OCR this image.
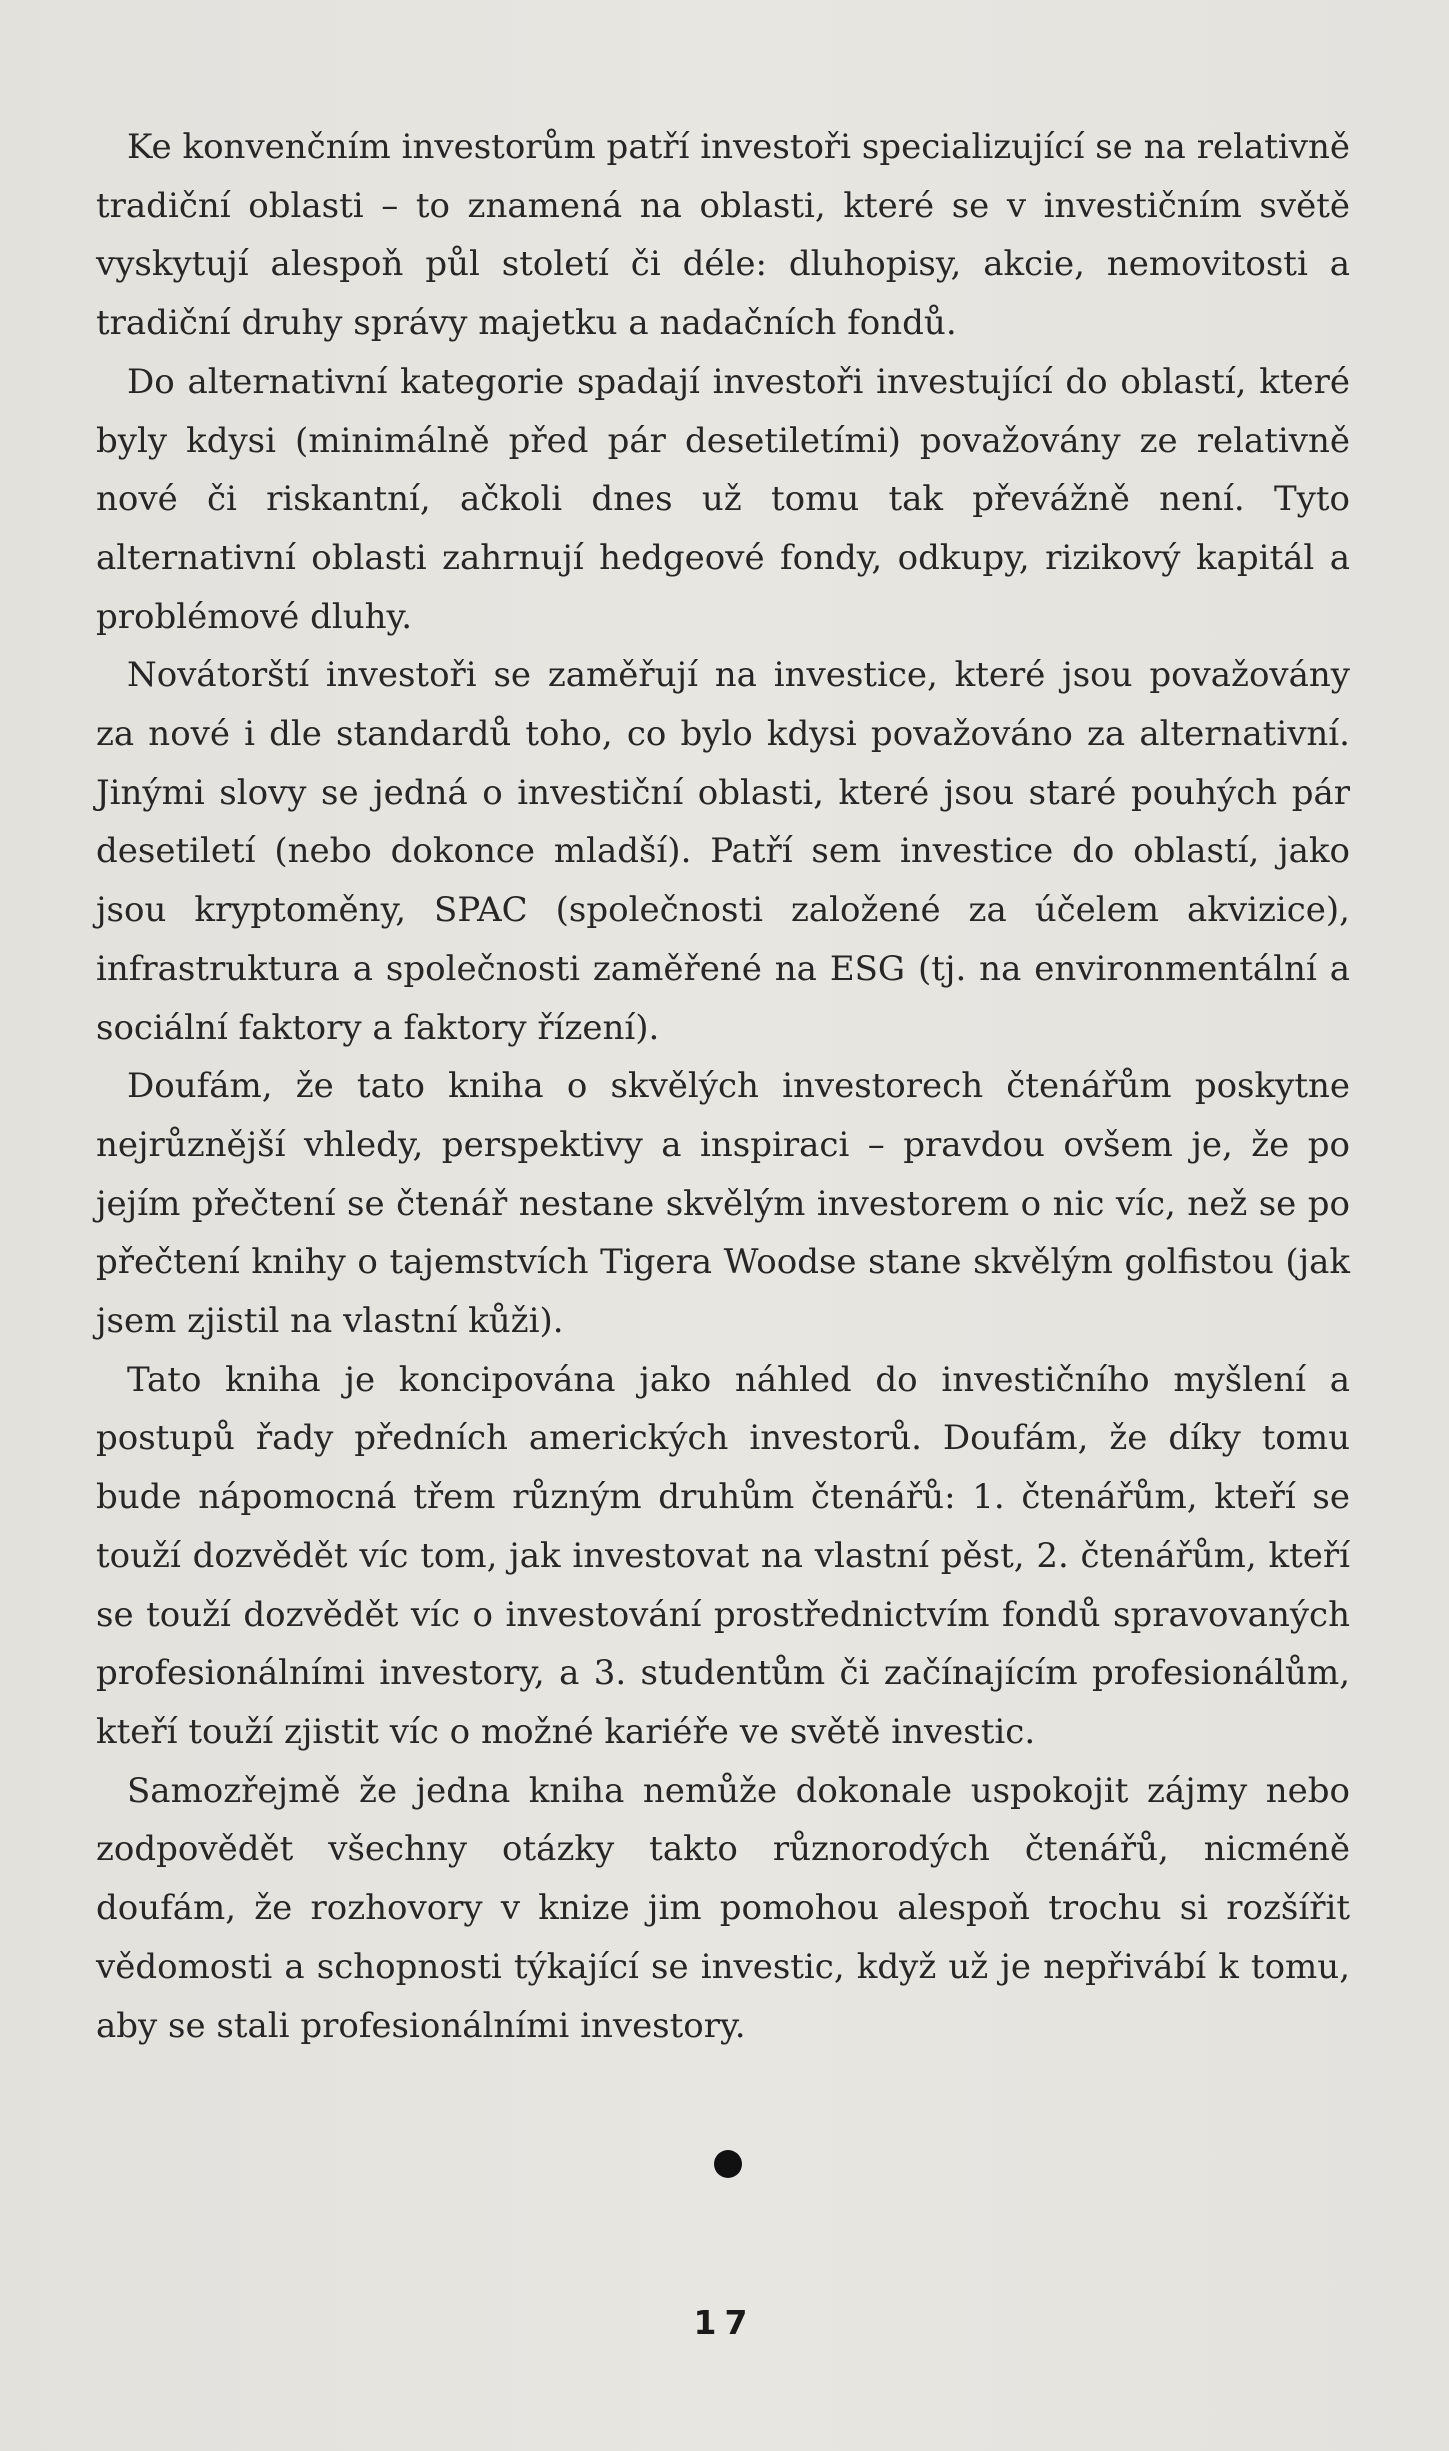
Ke konvenčním investorům patří investoři specializující se na relativně tradiční oblasti – to znamená na oblasti, které se v investičním světě vyskytují alespoň půl století či déle: dluhopisy, akcie, nemovitosti a tradiční druhy správy majetku a nadačních fondů.

Do alternativní kategorie spadají investoři investující do oblastí, které byly kdysi (minimálně před pár desetiletími) považovány ze relativně nové či riskantní, ačkoli dnes už tomu tak převážně není. Tyto alternativní oblasti zahrnují hedgeové fondy, odkupy, rizikový kapitál a problémové dluhy.

Novátorští investoři se zaměřují na investice, které jsou považovány za nové i dle standardů toho, co bylo kdysi považováno za alternativní. Jinými slovy se jedná o investiční oblasti, které jsou staré pouhých pár desetiletí (nebo dokonce mladší). Patří sem investice do oblastí, jako jsou kryptoměny, SPAC (společnosti založené za účelem akvizice), infrastruktura a společnosti zaměřené na ESG (tj. na environmentální a sociální faktory a faktory řízení).

Doufám, že tato kniha o skvělých investorech čtenářům poskytne nejrůznější vhledy, perspektivy a inspiraci – pravdou ovšem je, že po jejím přečtení se čtenář nestane skvělým investorem o nic víc, než se po přečtení knihy o tajemstvích Tigera Woodse stane skvělým golfistou (jak jsem zjistil na vlastní kůži).

Tato kniha je koncipována jako náhled do investičního myšlení a postupů řady předních amerických investorů. Doufám, že díky tomu bude nápomocná třem různým druhům čtenářů: 1. čtenářům, kteří se touží dozvědět víc tom, jak investovat na vlastní pěst, 2. čtenářům, kteří se touží dozvědět víc o investování prostřednictvím fondů spravovaných profesionálními investory, a 3. studentům či začínajícím profesionálům, kteří touží zjistit víc o možné kariéře ve světě investic.

Samozřejmě že jedna kniha nemůže dokonale uspokojit zájmy nebo zodpovědět všechny otázky takto různorodých čtenářů, nicméně doufám, že rozhovory v knize jim pomohou alespoň trochu si rozšířit vědomosti a schopnosti týkající se investic, když už je nepřivábí k tomu, aby se stali profesionálními investory.

17
